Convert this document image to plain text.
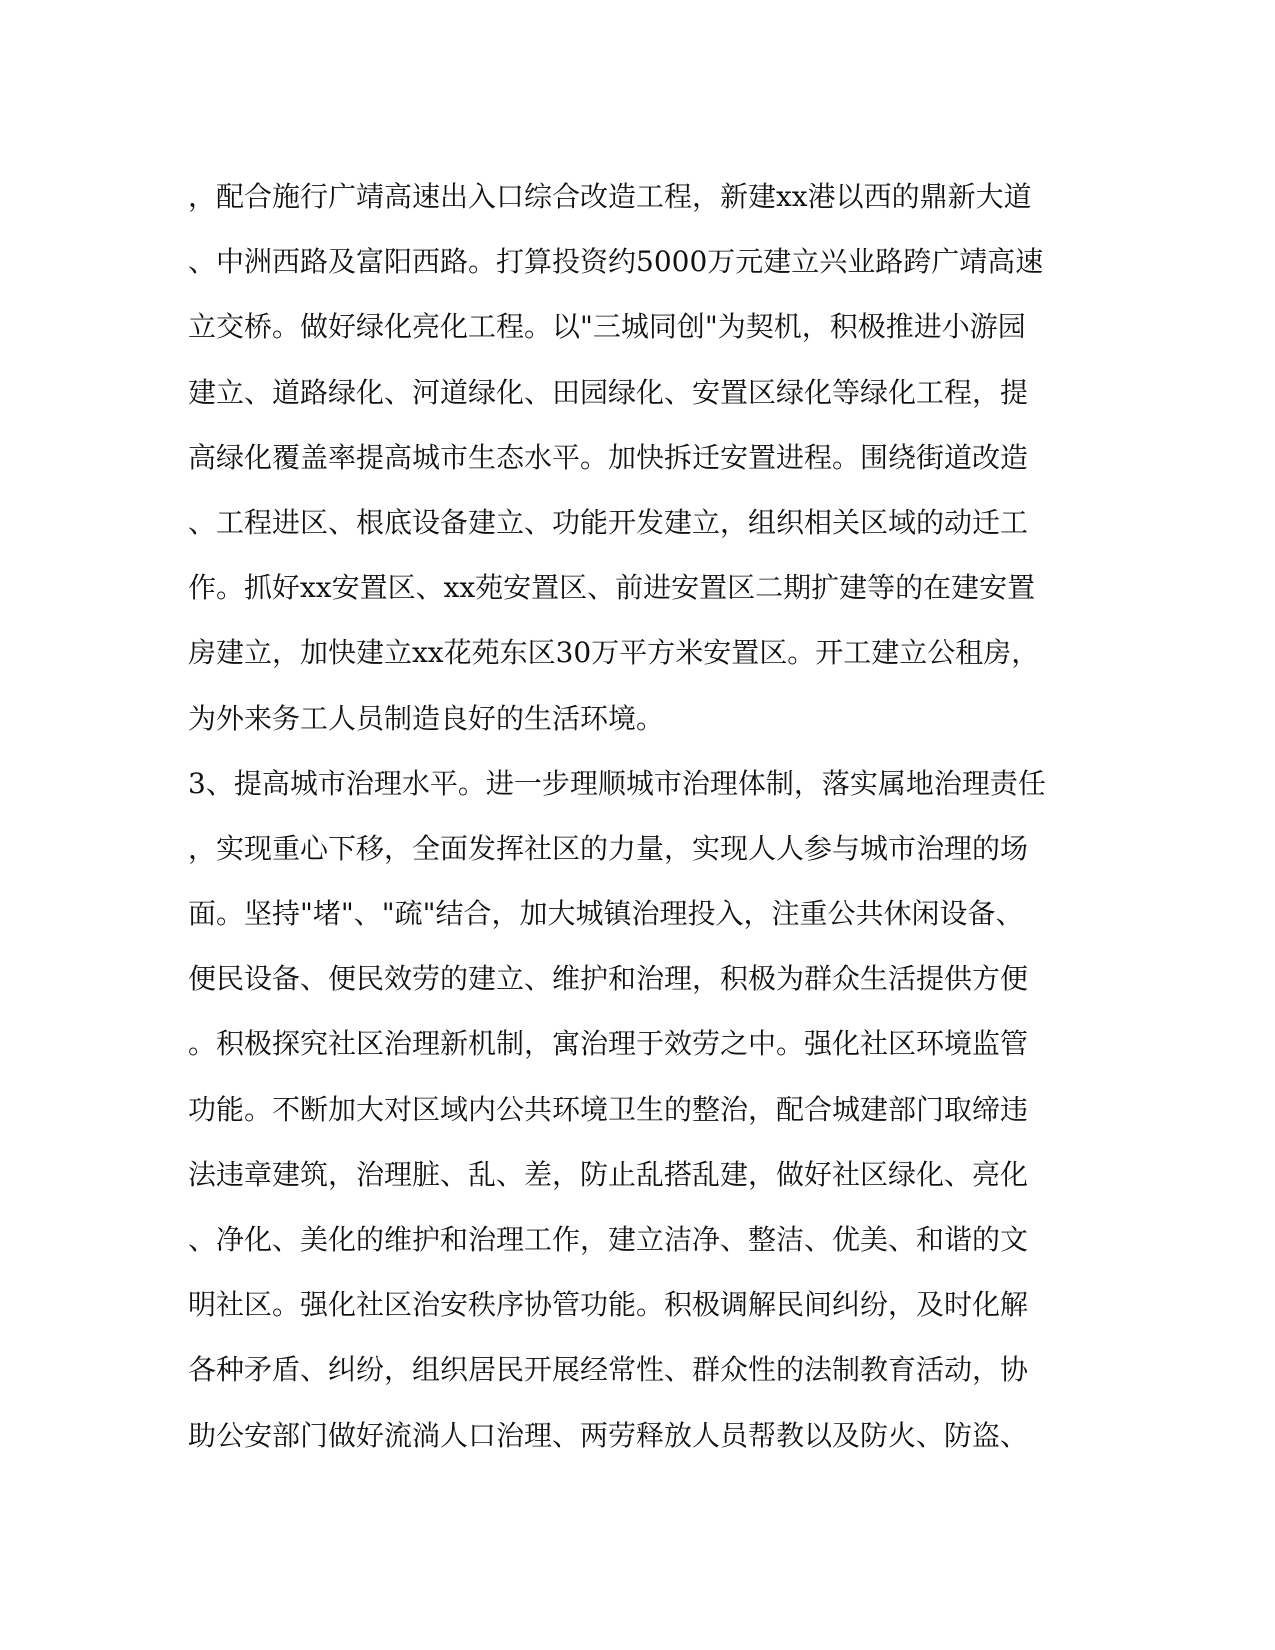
，配合施行广靖高速出入口综合改造工程，新建xx港以西的鼎新大道
、中洲西路及富阳西路。打算投资约5000万元建立兴业路跨广靖高速
立交桥。做好绿化亮化工程。以"三城同创"为契机，积极推进小游园
建立、道路绿化、河道绿化、田园绿化、安置区绿化等绿化工程，提
高绿化覆盖率提高城市生态水平。加快拆迁安置进程。围绕街道改造
、工程进区、根底设备建立、功能开发建立，组织相关区域的动迁工
作。抓好xx安置区、xx苑安置区、前进安置区二期扩建等的在建安置
房建立，加快建立xx花苑东区30万平方米安置区。开工建立公租房，
为外来务工人员制造良好的生活环境。
3、提高城市治理水平。进一步理顺城市治理体制，落实属地治理责任
，实现重心下移，全面发挥社区的力量，实现人人参与城市治理的场
面。坚持"堵"、"疏"结合，加大城镇治理投入，注重公共休闲设备、
便民设备、便民效劳的建立、维护和治理，积极为群众生活提供方便
。积极探究社区治理新机制，寓治理于效劳之中。强化社区环境监管
功能。不断加大对区域内公共环境卫生的整治，配合城建部门取缔违
法违章建筑，治理脏、乱、差，防止乱搭乱建，做好社区绿化、亮化
、净化、美化的维护和治理工作，建立洁净、整洁、优美、和谐的文
明社区。强化社区治安秩序协管功能。积极调解民间纠纷，及时化解
各种矛盾、纠纷，组织居民开展经常性、群众性的法制教育活动，协
助公安部门做好流淌人口治理、两劳释放人员帮教以及防火、防盗、
